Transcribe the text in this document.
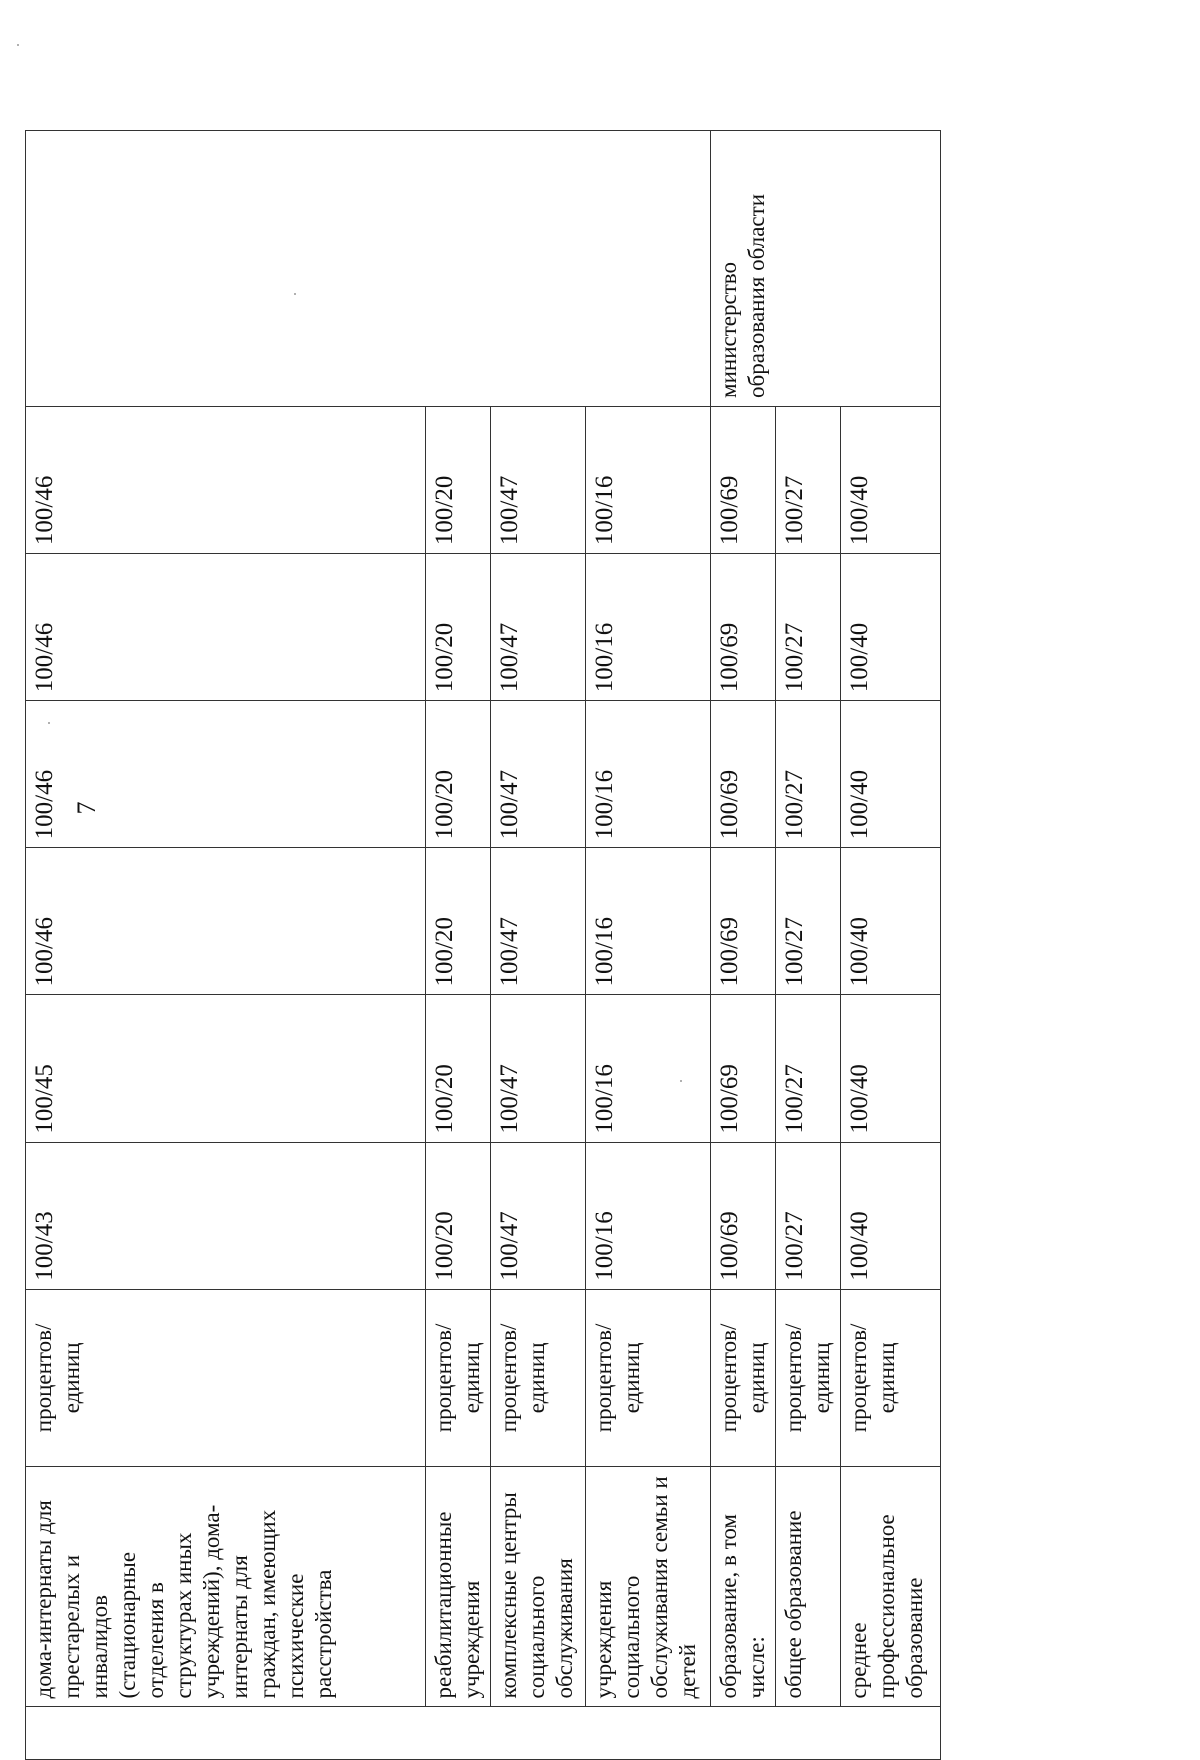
7
	дома-интернаты для престарелых и инвалидов (стационарные отделения в структурах иных учреждений), дома-интернаты для граждан, имеющих психические расстройства	процентов/ единиц	100/43	100/45	100/46	100/46	100/46	100/46	
	реабилитационные учреждения	процентов/ единиц	100/20	100/20	100/20	100/20	100/20	100/20	
	комплексные центры социального обслуживания	процентов/ единиц	100/47	100/47	100/47	100/47	100/47	100/47	
	учреждения социального обслуживания семьи и детей	процентов/ единиц	100/16	100/16	100/16	100/16	100/16	100/16	
	образование, в том числе:	процентов/ единиц	100/69	100/69	100/69	100/69	100/69	100/69	министерство образования области
	общее образование	процентов/ единиц	100/27	100/27	100/27	100/27	100/27	100/27	
	среднее профессиональное образование	процентов/ единиц	100/40	100/40	100/40	100/40	100/40	100/40	
